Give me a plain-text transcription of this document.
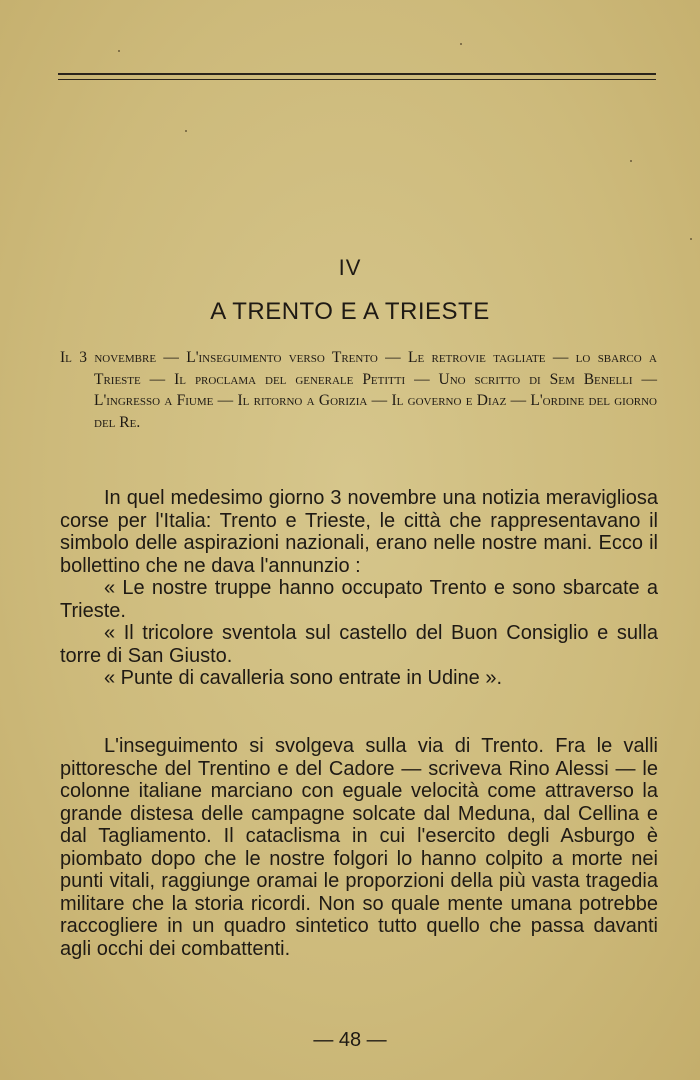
IV
A TRENTO E A TRIESTE
Il 3 novembre — L'inseguimento verso Trento — Le retrovie tagliate — lo sbarco a Trieste — Il proclama del generale Petitti — Uno scritto di Sem Benelli — L'ingresso a Fiume — Il ritorno a Gorizia — Il governo e Diaz — L'ordine del giorno del Re.

In quel medesimo giorno 3 novembre una notizia meravigliosa corse per l'Italia: Trento e Trieste, le città che rappresentavano il simbolo delle aspirazioni nazionali, erano nelle nostre mani. Ecco il bollettino che ne dava l'annunzio :

« Le nostre truppe hanno occupato Trento e sono sbarcate a Trieste.

« Il tricolore sventola sul castello del Buon Consiglio e sulla torre di San Giusto.

« Punte di cavalleria sono entrate in Udine ».

L'inseguimento si svolgeva sulla via di Trento. Fra le valli pittoresche del Trentino e del Cadore — scriveva Rino Alessi — le colonne italiane marciano con eguale velocità come attraverso la grande distesa delle campagne solcate dal Meduna, dal Cellina e dal Tagliamento. Il cataclisma in cui l'esercito degli Asburgo è piombato dopo che le nostre folgori lo hanno colpito a morte nei punti vitali, raggiunge oramai le proporzioni della più vasta tragedia militare che la storia ricordi. Non so quale mente umana potrebbe raccogliere in un quadro sintetico tutto quello che passa davanti agli occhi dei combattenti.

— 48 —
